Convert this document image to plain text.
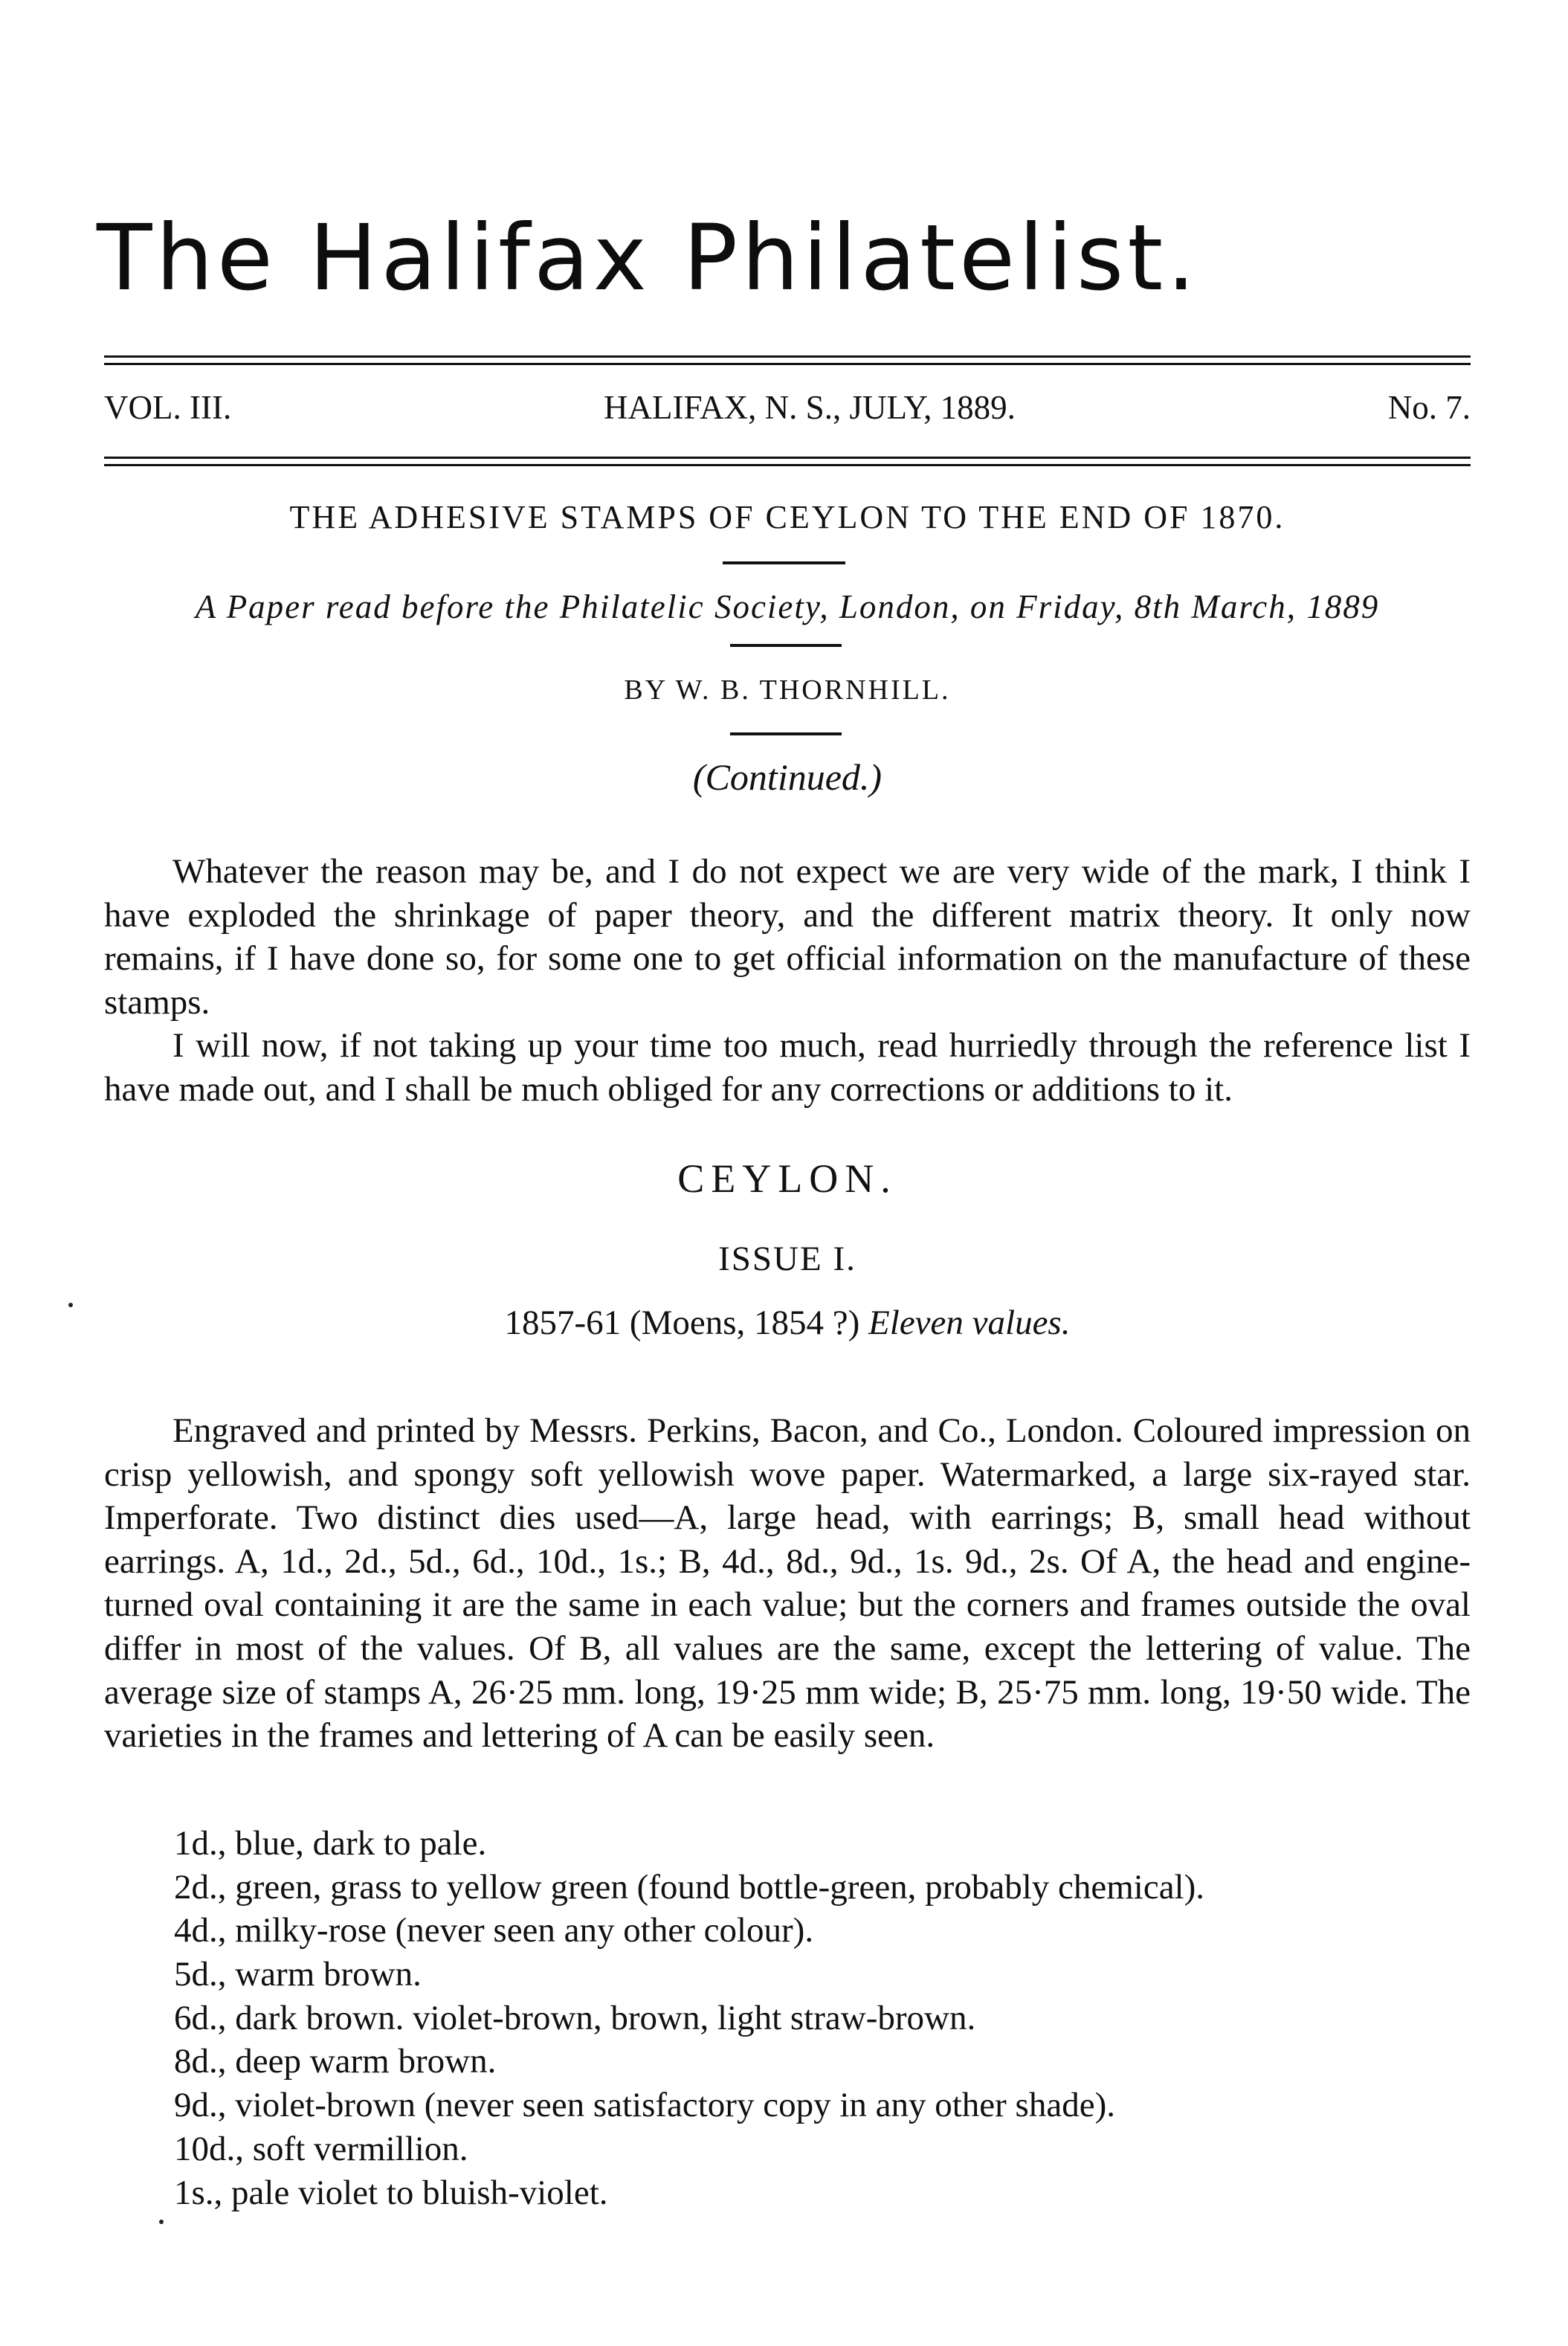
The Halifax Philatelist.
VOL. III.	HALIFAX, N. S., JULY, 1889.	No. 7.
THE ADHESIVE STAMPS OF CEYLON TO THE END OF 1870.
A Paper read before the Philatelic Society, London, on Friday, 8th March, 1889
BY W. B. THORNHILL.
(Continued.)

Whatever the reason may be, and I do not expect we are very wide of the mark, I think I have exploded the shrinkage of paper theory, and the different matrix theory. It only now remains, if I have done so, for some one to get official information on the manufacture of these stamps.

I will now, if not taking up your time too much, read hurriedly through the reference list I have made out, and I shall be much obliged for any corrections or additions to it.

CEYLON.
ISSUE I.
1857-61 (Moens, 1854 ?) Eleven values.

Engraved and printed by Messrs. Perkins, Bacon, and Co., London. Coloured impression on crisp yellowish, and spongy soft yellowish wove paper. Watermarked, a large six-rayed star. Imperforate. Two distinct dies used—A, large head, with earrings; B, small head without earrings. A, 1d., 2d., 5d., 6d., 10d., 1s.; B, 4d., 8d., 9d., 1s. 9d., 2s. Of A, the head and engine-turned oval containing it are the same in each value; but the corners and frames outside the oval differ in most of the values. Of B, all values are the same, except the lettering of value. The average size of stamps A, 26·25 mm. long, 19·25 mm wide; B, 25·75 mm. long, 19·50 wide. The varieties in the frames and lettering of A can be easily seen.

1d., blue, dark to pale.
2d., green, grass to yellow green (found bottle-green, probably chemical).
4d., milky-rose (never seen any other colour).
5d., warm brown.
6d., dark brown. violet-brown, brown, light straw-brown.
8d., deep warm brown.
9d., violet-brown (never seen satisfactory copy in any other shade).
10d., soft vermillion.
1s., pale violet to bluish-violet.
